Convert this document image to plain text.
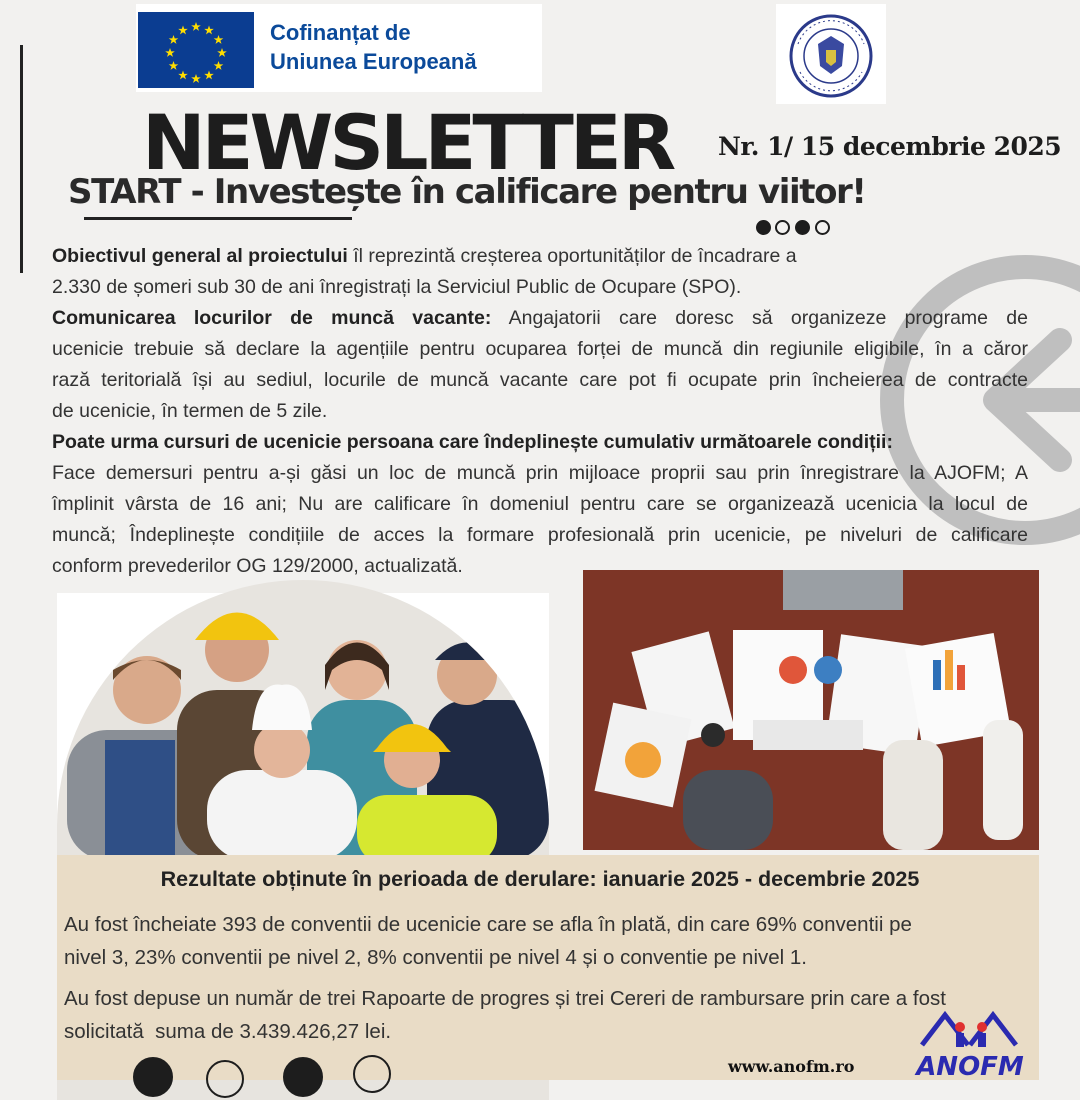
Cofinanțat de
Uniunea Europeană
NEWSLETTER Nr. 1/ 15 decembrie 2025
START - Investește în calificare pentru viitor!
Obiectivul general al proiectului îl reprezintă creșterea oportunităților de încadrare a
2.330 de șomeri sub 30 de ani înregistrați la Serviciul Public de Ocupare (SPO).
Comunicarea locurilor de muncă vacante: Angajatorii care doresc să organizeze programe de
ucenicie trebuie să declare la agențiile pentru ocuparea forței de muncă din regiunile eligibile, în a căror
rază teritorială își au sediul, locurile de muncă vacante care pot fi ocupate prin încheierea de contracte
de ucenicie, în termen de 5 zile.
Poate urma cursuri de ucenicie persoana care îndeplinește cumulativ următoarele condiții:
Face demersuri pentru a-și găsi un loc de muncă prin mijloace proprii sau prin înregistrare la AJOFM; A
împlinit vârsta de 16 ani; Nu are calificare în domeniul pentru care se organizează ucenicia la locul de
muncă; Îndeplinește condițiile de acces la formare profesională prin ucenicie, pe niveluri de calificare
conform prevederilor OG 129/2000, actualizată.
Rezultate obținute în perioada de derulare: ianuarie 2025 - decembrie 2025
Au fost încheiate 393 de conventii de ucenicie care se afla în plată, din care 69% conventii pe
nivel 3, 23% conventii pe nivel 2, 8% conventii pe nivel 4 și o conventie pe nivel 1.
Au fost depuse un număr de trei Rapoarte de progres și trei Cereri de rambursare prin care a fost
solicitată  suma de 3.439.426,27 lei.
www.anofm.ro ANOFM
